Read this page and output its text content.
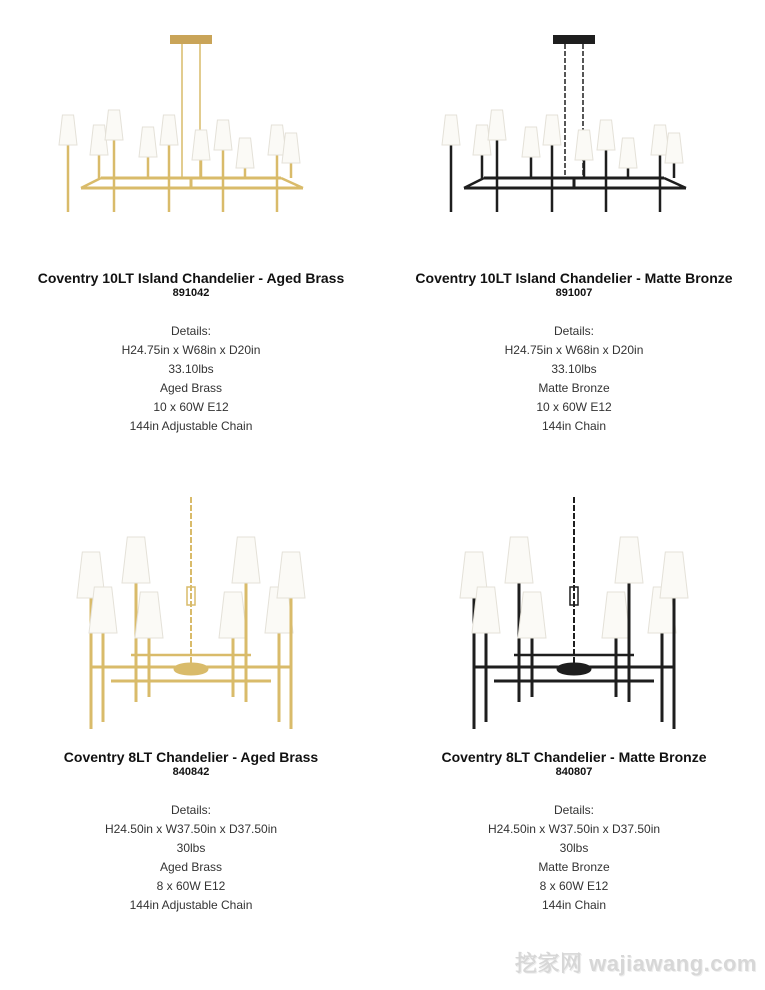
Coventry 10LT Island Chandelier - Aged Brass

891042

Details:
H24.75in x W68in x D20in
33.10lbs
Aged Brass
10 x 60W E12
144in Adjustable Chain

Coventry 10LT Island Chandelier - Matte Bronze

891007

Details:
H24.75in x W68in x D20in
33.10lbs
Matte Bronze
10 x 60W E12
144in Chain

Coventry 8LT Chandelier - Aged Brass

840842

Details:
H24.50in x W37.50in x D37.50in
30lbs
Aged Brass
8 x 60W E12
144in Adjustable Chain

Coventry 8LT Chandelier - Matte Bronze

840807

Details:
H24.50in x W37.50in x D37.50in
30lbs
Matte Bronze
8 x 60W E12
144in Chain
挖家网 wajiawang.com
